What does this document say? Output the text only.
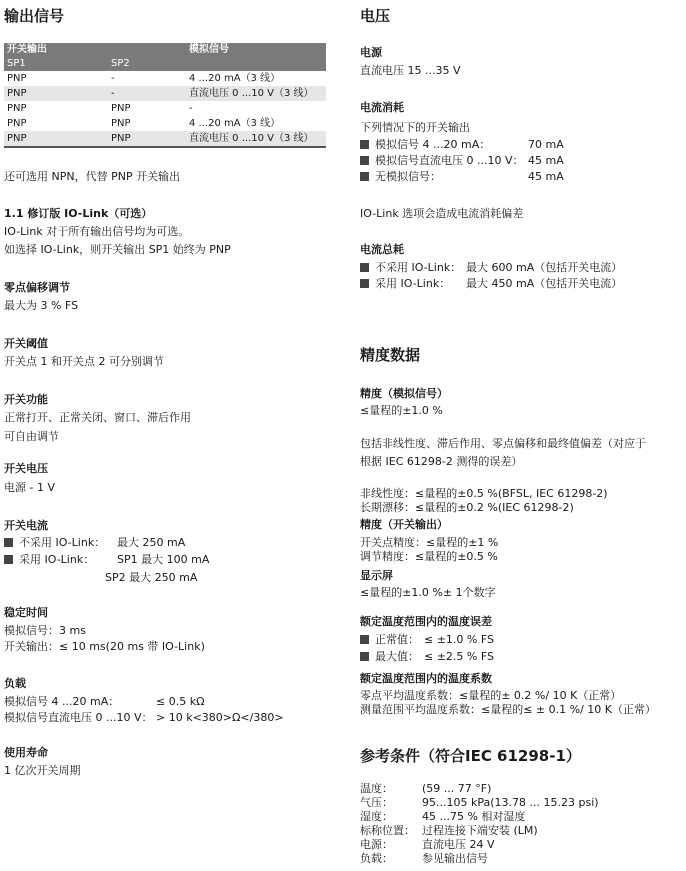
输出信号
开关输出		模拟信号
SP1	SP2	
PNP	-	4 ...20 mA（3 线）
PNP	-	直流电压 0 ...10 V（3 线）
PNP	PNP	-
PNP	PNP	4 ...20 mA（3 线）
PNP	PNP	直流电压 0 ...10 V（3 线）

还可选用 NPN，代替 PNP 开关输出

1.1 修订版 IO-Link（可选）

IO-Link 对于所有输出信号均为可选。

如选择 IO-Link，则开关输出 SP1 始终为 PNP

零点偏移调节

最大为 3 % FS

开关阈值

开关点 1 和开关点 2 可分别调节

开关功能

正常打开、正常关闭、窗口、滞后作用

可自由调节

开关电压

电源 - 1 V

开关电流

不采用 IO-Link： 最大 250 mA

采用 IO-Link： SP1 最大 100 mA

SP2 最大 250 mA

稳定时间

模拟信号：3 ms

开关输出：≤ 10 ms(20 ms 带 IO-Link)

负载

模拟信号 4 ...20 mA：	≤ 0.5 kΩ

模拟信号直流电压 0 ...10 V： > 10 k<380>Ω</380>

使用寿命

1 亿次开关周期

电压
电源

直流电压 15 ...35 V

电流消耗

下列情况下的开关输出

模拟信号 4 ...20 mA：	70 mA

模拟信号直流电压 0 ...10 V： 45 mA

无模拟信号：	45 mA

IO-Link 选项会造成电流消耗偏差

电流总耗

不采用 IO-Link： 最大 600 mA（包括开关电流）

采用 IO-Link： 最大 450 mA（包括开关电流）

精度数据
精度（模拟信号）

≤量程的±1.0 %

包括非线性度、滞后作用、零点偏移和最终值偏差（对应于

根据 IEC 61298-2 测得的误差）

非线性度：≤量程的±0.5 %(BFSL, IEC 61298-2)

长期漂移：≤量程的±0.2 %(IEC 61298-2)

精度（开关输出）

开关点精度：≤量程的±1 %

调节精度：≤量程的±0.5 %

显示屏

≤量程的±1.0 %± 1个数字

额定温度范围内的温度误差

正常值： ≤ ±1.0 % FS

最大值： ≤ ±2.5 % FS

额定温度范围内的温度系数

零点平均温度系数：≤量程的± 0.2 %/ 10 K（正常）

测量范围平均温度系数：≤量程的≤ ± 0.1 %/ 10 K（正常）

参考条件（符合IEC 61298-1）

温度：	(59 ... 77 °F)

气压：	95...105 kPa(13.78 ... 15.23 psi)

湿度：	45 ...75 % 相对湿度

标称位置： 过程连接下端安装 (LM)

电源：	直流电压 24 V

负载：	参见输出信号
